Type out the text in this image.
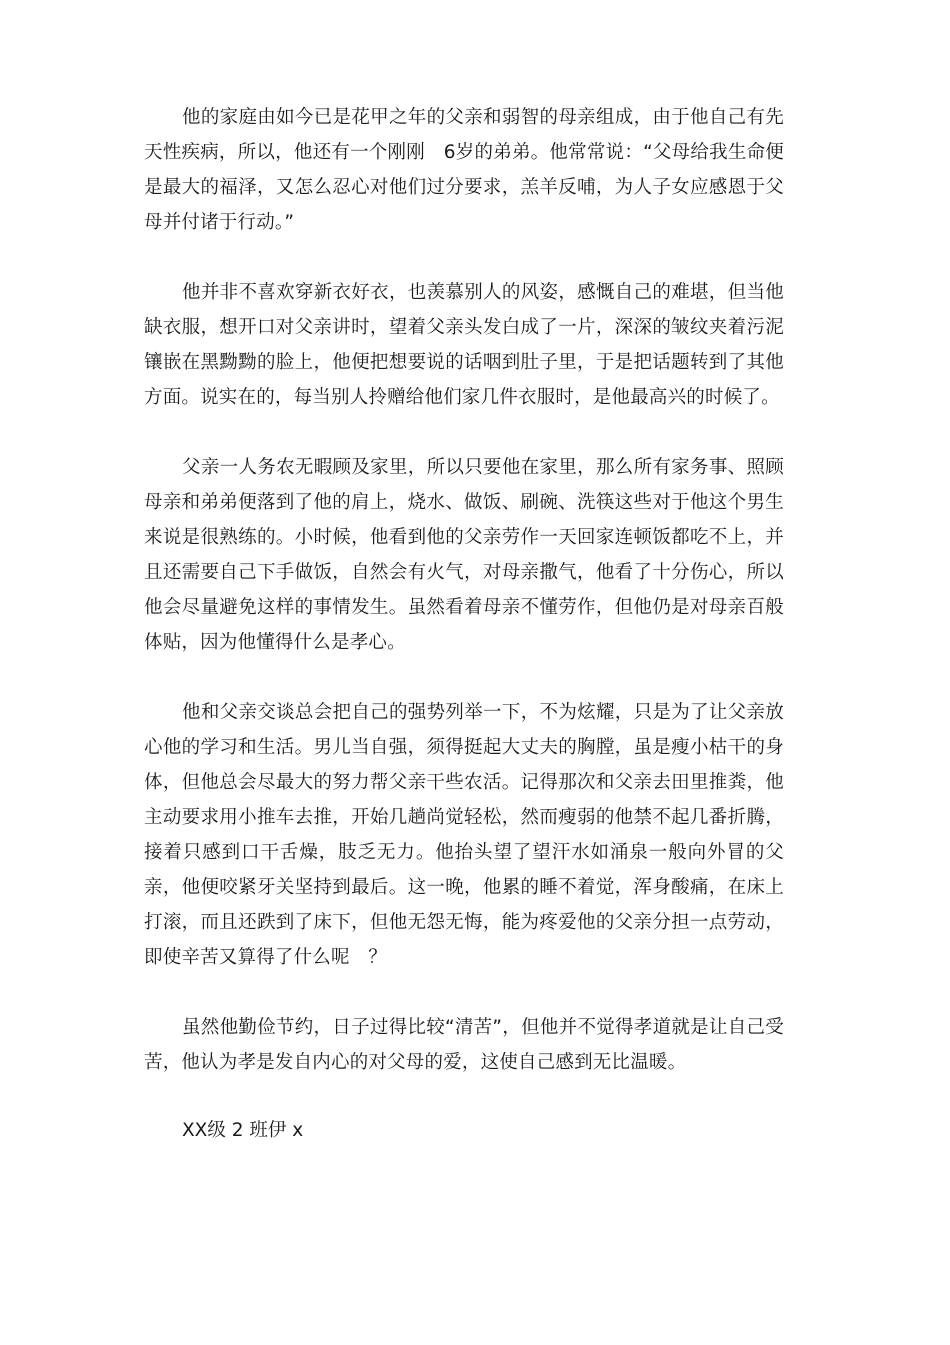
他的家庭由如今已是花甲之年的父亲和弱智的母亲组成，由于他自己有先天性疾病，所以，他还有一个刚刚　6岁的弟弟。他常常说：“父母给我生命便是最大的福泽，又怎么忍心对他们过分要求，羔羊反哺，为人子女应感恩于父母并付诸于行动。”

他并非不喜欢穿新衣好衣，也羡慕别人的风姿，感慨自己的难堪，但当他缺衣服，想开口对父亲讲时，望着父亲头发白成了一片，深深的皱纹夹着污泥镶嵌在黑黝黝的脸上，他便把想要说的话咽到肚子里，于是把话题转到了其他方面。说实在的，每当别人拎赠给他们家几件衣服时，是他最高兴的时候了。

父亲一人务农无暇顾及家里，所以只要他在家里，那么所有家务事、照顾母亲和弟弟便落到了他的肩上，烧水、做饭、刷碗、洗筷这些对于他这个男生来说是很熟练的。小时候，他看到他的父亲劳作一天回家连顿饭都吃不上，并且还需要自己下手做饭，自然会有火气，对母亲撒气，他看了十分伤心，所以他会尽量避免这样的事情发生。虽然看着母亲不懂劳作，但他仍是对母亲百般体贴，因为他懂得什么是孝心。

他和父亲交谈总会把自己的强势列举一下，不为炫耀，只是为了让父亲放心他的学习和生活。男儿当自强，须得挺起大丈夫的胸膛，虽是瘦小枯干的身体，但他总会尽最大的努力帮父亲干些农活。记得那次和父亲去田里推粪，他主动要求用小推车去推，开始几趟尚觉轻松，然而瘦弱的他禁不起几番折腾，接着只感到口干舌燥，肢乏无力。他抬头望了望汗水如涌泉一般向外冒的父亲，他便咬紧牙关坚持到最后。这一晚，他累的睡不着觉，浑身酸痛，在床上打滚，而且还跌到了床下，但他无怨无悔，能为疼爱他的父亲分担一点劳动，即使辛苦又算得了什么呢　？

虽然他勤俭节约，日子过得比较“清苦”，但他并不觉得孝道就是让自己受苦，他认为孝是发自内心的对父母的爱，这使自己感到无比温暖。

XX级 2 班伊 x
